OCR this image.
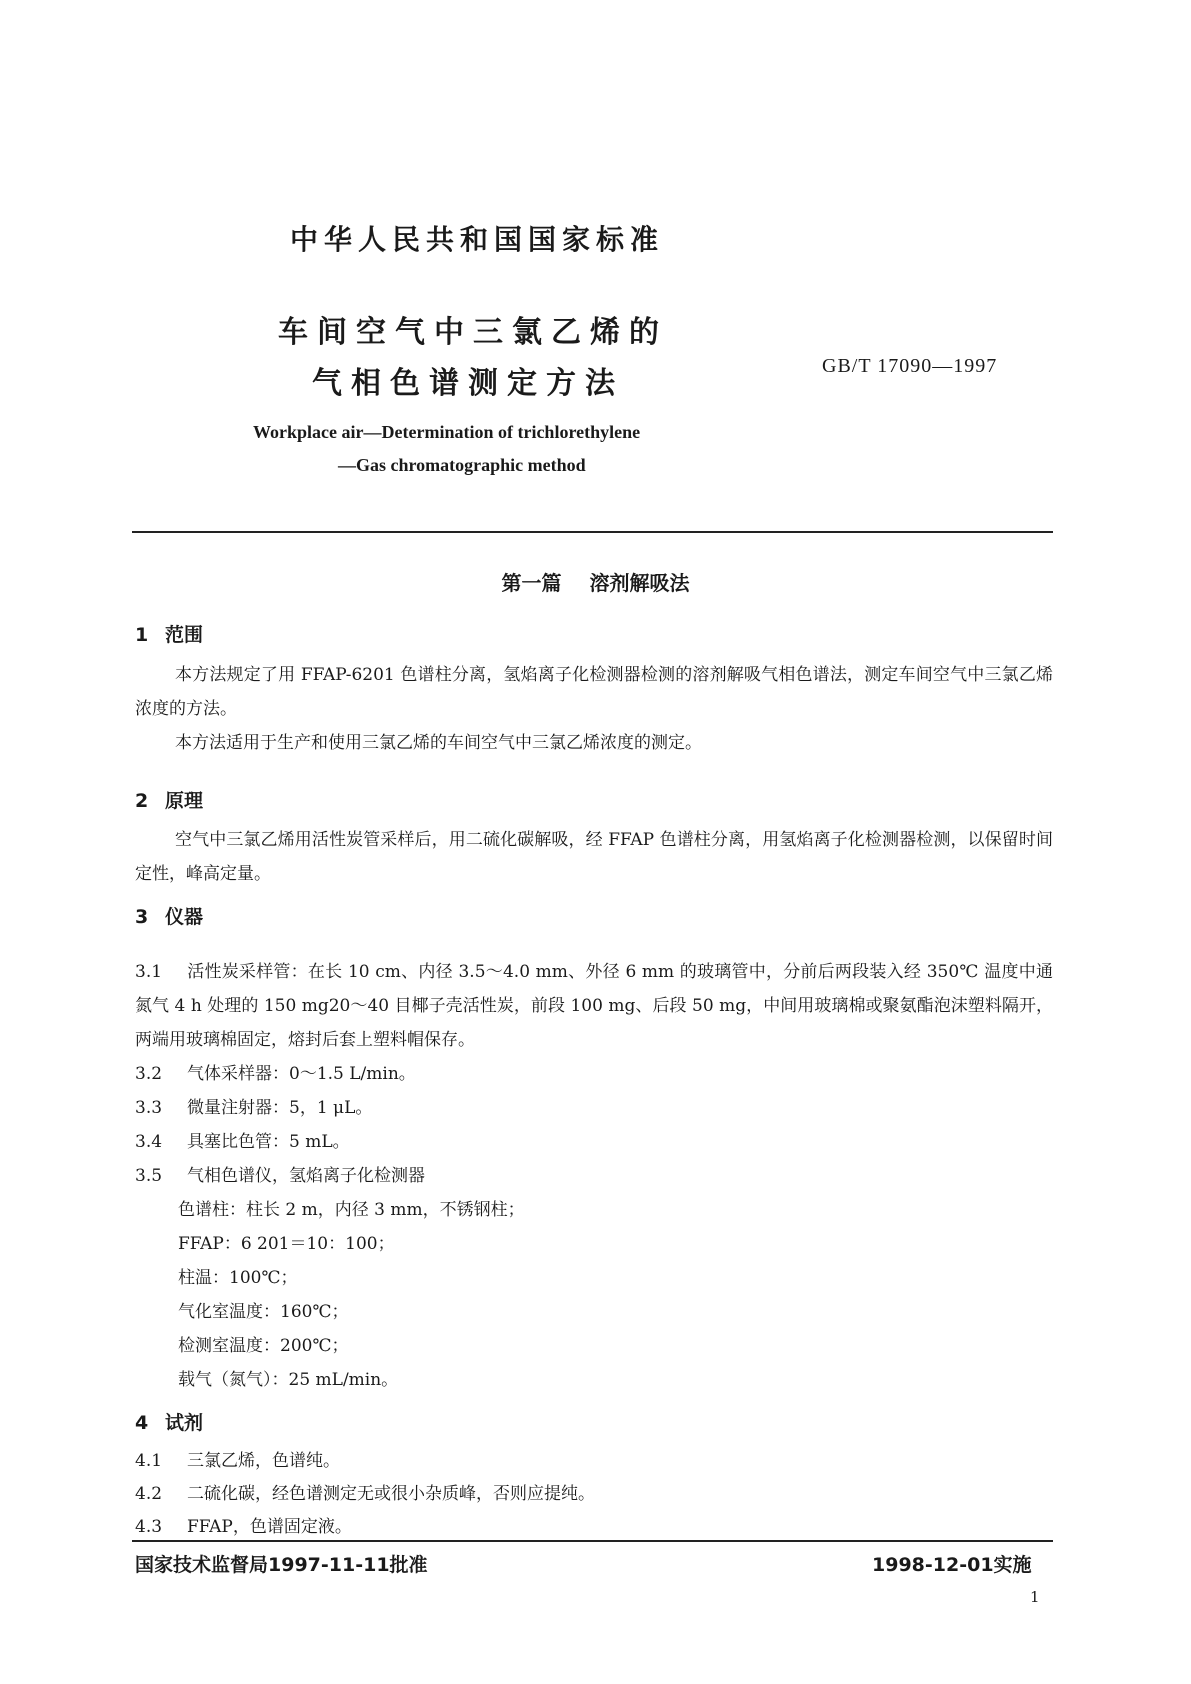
中华人民共和国国家标准
车间空气中三氯乙烯的
气相色谱测定方法	GB/T 17090—1997
Workplace air—Determination of trichlorethylene
—Gas chromatographic method
第一篇 溶剂解吸法
1 范围
本方法规定了用 FFAP-6201 色谱柱分离，氢焰离子化检测器检测的溶剂解吸气相色谱法，测定车间空气中三氯乙烯浓度的方法。
本方法适用于生产和使用三氯乙烯的车间空气中三氯乙烯浓度的测定。
2 原理
空气中三氯乙烯用活性炭管采样后，用二硫化碳解吸，经 FFAP 色谱柱分离，用氢焰离子化检测器检测，以保留时间定性，峰高定量。
3 仪器
3.1 活性炭采样管：在长 10 cm、内径 3.5～4.0 mm、外径 6 mm 的玻璃管中，分前后两段装入经 350℃ 温度中通氮气 4 h 处理的 150 mg20～40 目椰子壳活性炭，前段 100 mg、后段 50 mg，中间用玻璃棉或聚氨酯泡沫塑料隔开，两端用玻璃棉固定，熔封后套上塑料帽保存。
3.2 气体采样器：0～1.5 L/min。
3.3 微量注射器：5，1 μL。
3.4 具塞比色管：5 mL。
3.5 气相色谱仪，氢焰离子化检测器
色谱柱：柱长 2 m，内径 3 mm，不锈钢柱；
FFAP：6 201＝10：100；
柱温：100℃；
气化室温度：160℃；
检测室温度：200℃；
载气（氮气）：25 mL/min。
4 试剂
4.1 三氯乙烯，色谱纯。
4.2 二硫化碳，经色谱测定无或很小杂质峰，否则应提纯。
4.3 FFAP，色谱固定液。
国家技术监督局1997-11-11批准	1998-12-01实施
1
